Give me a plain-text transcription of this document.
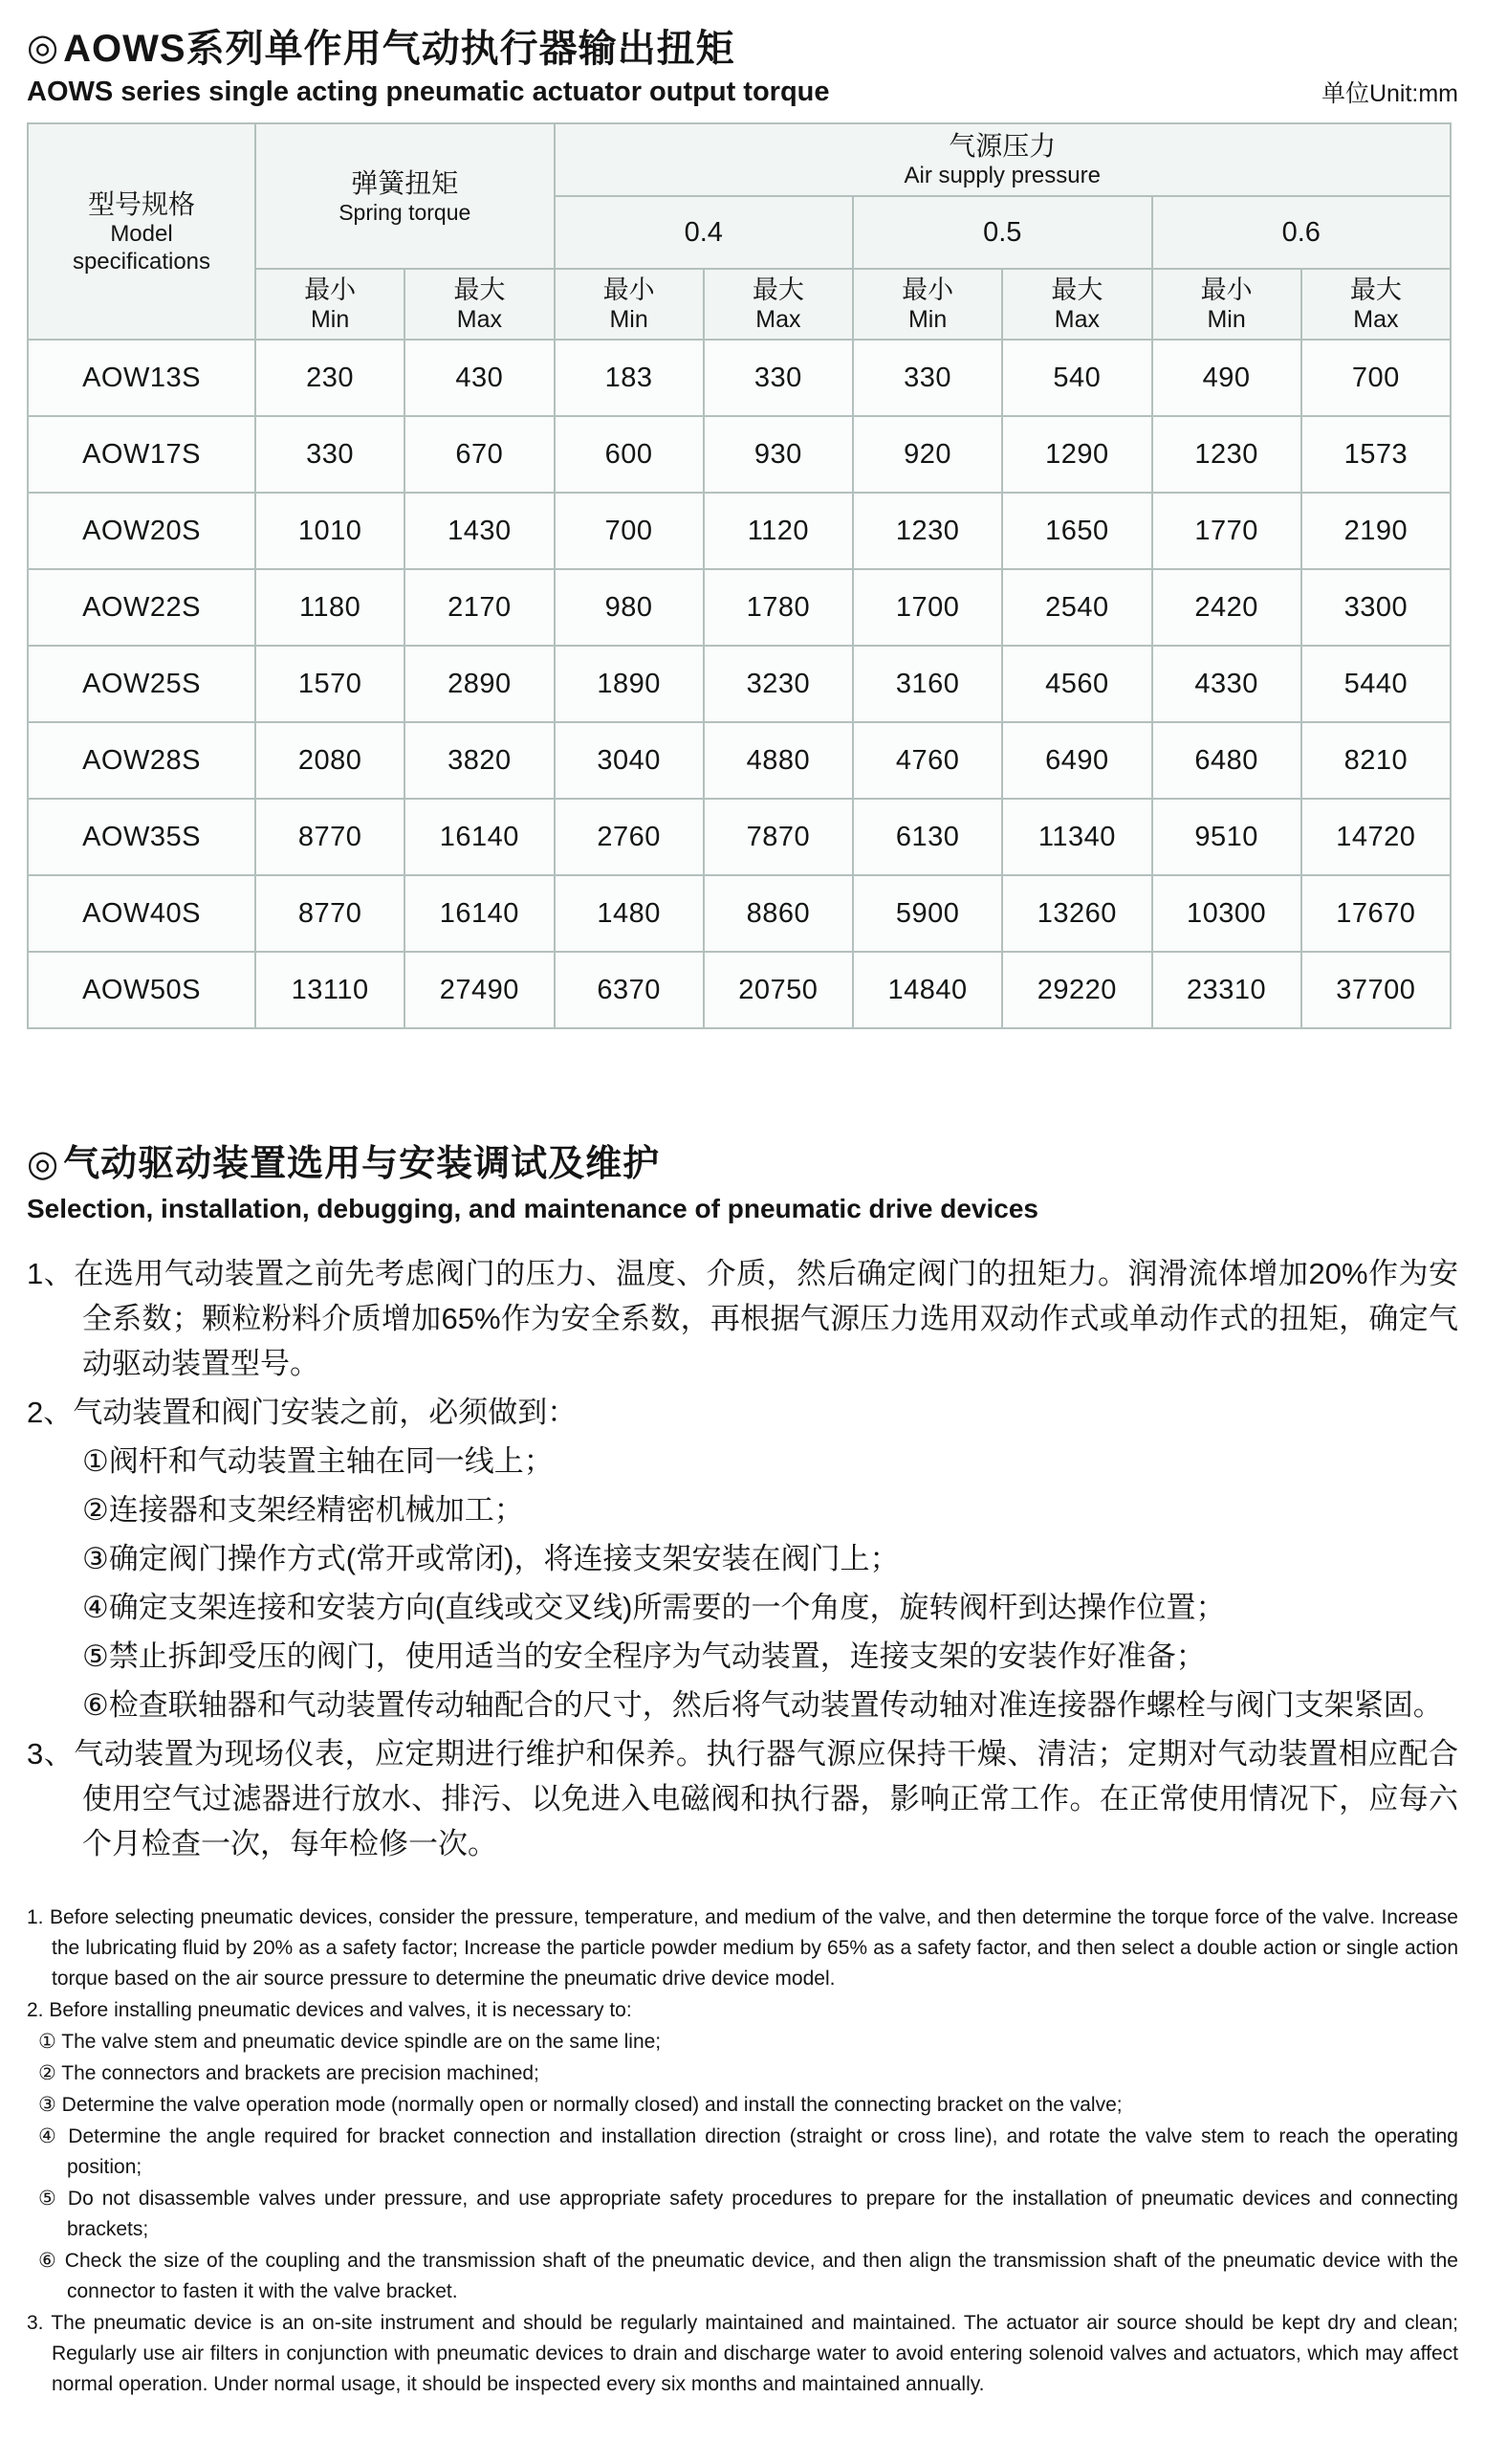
◎ AOWS系列单作用气动执行器输出扭矩
AOWS series single acting pneumatic actuator output torque	单位Unit:mm
型号规格
Model
specifications	弹簧扭矩
Spring torque		气源压力
Air supply pressure					

			0.4		0.5		0.6	

	最小
Min	最大
Max	最小
Min	最大
Max	最小
Min	最大
Max	最小
Min	最大
Max

AOW13S	230	430	183	330	330	540	490	700
AOW17S	330	670	600	930	920	1290	1230	1573
AOW20S	1010	1430	700	1120	1230	1650	1770	2190
AOW22S	1180	2170	980	1780	1700	2540	2420	3300
AOW25S	1570	2890	1890	3230	3160	4560	4330	5440
AOW28S	2080	3820	3040	4880	4760	6490	6480	8210
AOW35S	8770	16140	2760	7870	6130	11340	9510	14720
AOW40S	8770	16140	1480	8860	5900	13260	10300	17670
AOW50S	13110	27490	6370	20750	14840	29220	23310	37700
◎ 气动驱动装置选用与安装调试及维护
Selection, installation, debugging, and maintenance of pneumatic drive devices
1、在选用气动装置之前先考虑阀门的压力、温度、介质，然后确定阀门的扭矩力。润滑流体增加20%作为安全系数；颗粒粉料介质增加65%作为安全系数，再根据气源压力选用双动作式或单动作式的扭矩，确定气动驱动装置型号。
2、气动装置和阀门安装之前，必须做到：
①阀杆和气动装置主轴在同一线上；
②连接器和支架经精密机械加工；
③确定阀门操作方式(常开或常闭)，将连接支架安装在阀门上；
④确定支架连接和安装方向(直线或交叉线)所需要的一个角度，旋转阀杆到达操作位置；
⑤禁止拆卸受压的阀门，使用适当的安全程序为气动装置，连接支架的安装作好准备；
⑥检查联轴器和气动装置传动轴配合的尺寸，然后将气动装置传动轴对准连接器作螺栓与阀门支架紧固。
3、气动装置为现场仪表，应定期进行维护和保养。执行器气源应保持干燥、清洁；定期对气动装置相应配合使用空气过滤器进行放水、排污、以免进入电磁阀和执行器，影响正常工作。在正常使用情况下，应每六个月检查一次，每年检修一次。
1. Before selecting pneumatic devices, consider the pressure, temperature, and medium of the valve, and then determine the torque force of the valve. Increase the lubricating fluid by 20% as a safety factor; Increase the particle powder medium by 65% as a safety factor, and then select a double action or single action torque based on the air source pressure to determine the pneumatic drive device model.
2. Before installing pneumatic devices and valves, it is necessary to:
① The valve stem and pneumatic device spindle are on the same line;
② The connectors and brackets are precision machined;
③ Determine the valve operation mode (normally open or normally closed) and install the connecting bracket on the valve;
④ Determine the angle required for bracket connection and installation direction (straight or cross line), and rotate the valve stem to reach the operating position;
⑤ Do not disassemble valves under pressure, and use appropriate safety procedures to prepare for the installation of pneumatic devices and connecting brackets;
⑥ Check the size of the coupling and the transmission shaft of the pneumatic device, and then align the transmission shaft of the pneumatic device with the connector to fasten it with the valve bracket.
3. The pneumatic device is an on-site instrument and should be regularly maintained and maintained. The actuator air source should be kept dry and clean; Regularly use air filters in conjunction with pneumatic devices to drain and discharge water to avoid entering solenoid valves and actuators, which may affect normal operation. Under normal usage, it should be inspected every six months and maintained annually.
